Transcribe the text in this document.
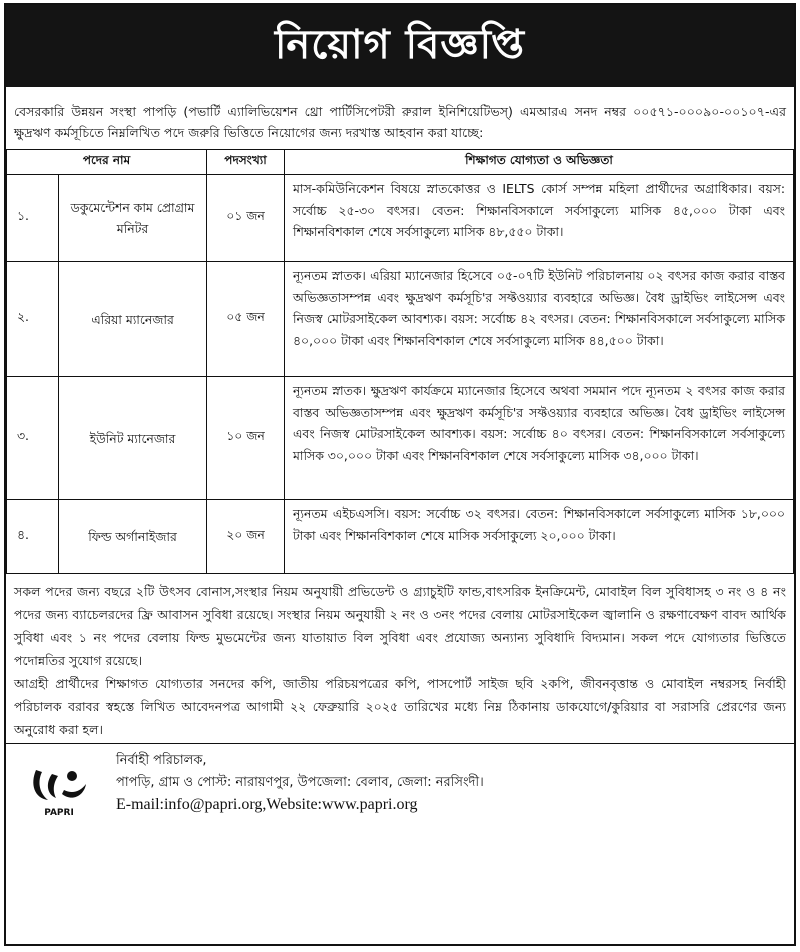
নিয়োগ বিজ্ঞপ্তি
বেসরকারি উন্নয়ন সংস্থা পাপড়ি (পভার্টি এ্যালিভিয়েশন থ্রো পার্টিসিপেটরী রুরাল ইনিশিয়েটিভস্) এমআরএ সনদ নম্বর ০০৫৭১-০০০৯০-০০১০৭-এর ক্ষুদ্রঋণ কর্মসূচিতে নিম্নলিখিত পদে জরুরি ভিত্তিতে নিয়োগের জন্য দরখাস্ত আহবান করা যাচ্ছে:
পদের নাম		পদসংখ্যা	শিক্ষাগত যোগ্যতা ও অভিজ্ঞতা
১.	ডকুমেন্টেশন কাম প্রোগ্রাম মনিটর	০১ জন	মাস-কমিউনিকেশন বিষয়ে স্নাতকোত্তর ও IELTS কোর্স সম্পন্ন মহিলা প্রার্থীদের অগ্রাধিকার। বয়স: সর্বোচ্চ ২৫-৩০ বৎসর। বেতন: শিক্ষানবিসকালে সর্বসাকুল্যে মাসিক ৪৫,০০০ টাকা এবং শিক্ষানবিশকাল শেষে সর্বসাকুল্যে মাসিক ৪৮,৫৫০ টাকা।
২.	এরিয়া ম্যানেজার	০৫ জন	ন্যূনতম স্নাতক। এরিয়া ম্যানেজার হিসেবে ০৫-০৭টি ইউনিট পরিচালনায় ০২ বৎসর কাজ করার বাস্তব অভিজ্ঞতাসম্পন্ন এবং ক্ষুদ্রঋণ কর্মসূচি'র সফ্টওয়্যার ব্যবহারে অভিজ্ঞ। বৈধ ড্রাইভিং লাইসেন্স এবং নিজস্ব মোটরসাইকেল আবশ্যক। বয়স: সর্বোচ্চ ৪২ বৎসর। বেতন: শিক্ষানবিসকালে সর্বসাকুল্যে মাসিক ৪০,০০০ টাকা এবং শিক্ষানবিশকাল শেষে সর্বসাকুল্যে মাসিক ৪৪,৫০০ টাকা।
৩.	ইউনিট ম্যানেজার	১০ জন	ন্যূনতম স্নাতক। ক্ষুদ্রঋণ কার্যক্রমে ম্যানেজার হিসেবে অথবা সমমান পদে ন্যূনতম ২ বৎসর কাজ করার বাস্তব অভিজ্ঞতাসম্পন্ন এবং ক্ষুদ্রঋণ কর্মসূচি'র সফ্টওয়্যার ব্যবহারে অভিজ্ঞ। বৈধ ড্রাইভিং লাইসেন্স এবং নিজস্ব মোটরসাইকেল আবশ্যক। বয়স: সর্বোচ্চ ৪০ বৎসর। বেতন: শিক্ষানবিসকালে সর্বসাকুল্যে মাসিক ৩০,০০০ টাকা এবং শিক্ষানবিশকাল শেষে সর্বসাকুল্যে মাসিক ৩৪,০০০ টাকা।
৪.	ফিল্ড অর্গানাইজার	২০ জন	ন্যূনতম এইচএসসি। বয়স: সর্বোচ্চ ৩২ বৎসর। বেতন: শিক্ষানবিসকালে সর্বসাকুল্যে মাসিক ১৮,০০০ টাকা এবং শিক্ষানবিশকাল শেষে মাসিক সর্বসাকুল্যে ২০,০০০ টাকা।

সকল পদের জন্য বছরে ২টি উৎসব বোনাস,সংস্থার নিয়ম অনুযায়ী প্রভিডেন্ট ও গ্র্যাচুইটি ফান্ড,বাৎসরিক ইনক্রিমেন্ট, মোবাইল বিল সুবিধাসহ ৩ নং ও ৪ নং পদের জন্য ব্যাচেলরদের ফ্রি আবাসন সুবিধা রয়েছে। সংস্থার নিয়ম অনুযায়ী ২ নং ও ৩নং পদের বেলায় মোটরসাইকেল জ্বালানি ও রক্ষণাবেক্ষণ বাবদ আর্থিক সুবিধা এবং ১ নং পদের বেলায় ফিল্ড মুভমেন্টের জন্য যাতায়াত বিল সুবিধা এবং প্রযোজ্য অন্যান্য সুবিধাদি বিদ্যমান। সকল পদে যোগ্যতার ভিত্তিতে পদোন্নতির সুযোগ রয়েছে।

আগ্রহী প্রার্থীদের শিক্ষাগত যোগ্যতার সনদের কপি, জাতীয় পরিচয়পত্রের কপি, পাসপোর্ট সাইজ ছবি ২কপি, জীবনবৃত্তান্ত ও মোবাইল নম্বরসহ নির্বাহী পরিচালক বরাবর স্বহস্তে লিখিত আবেদনপত্র আগামী ২২ ফেব্রুয়ারি ২০২৫ তারিখের মধ্যে নিম্ন ঠিকানায় ডাকযোগে/কুরিয়ার বা সরাসরি প্রেরণের জন্য অনুরোধ করা হল।

PAPRI
নির্বাহী পরিচালক,
পাপড়ি, গ্রাম ও পোস্ট: নারায়ণপুর, উপজেলা: বেলাব, জেলা: নরসিংদী।
E-mail:info@papri.org,Website:www.papri.org
